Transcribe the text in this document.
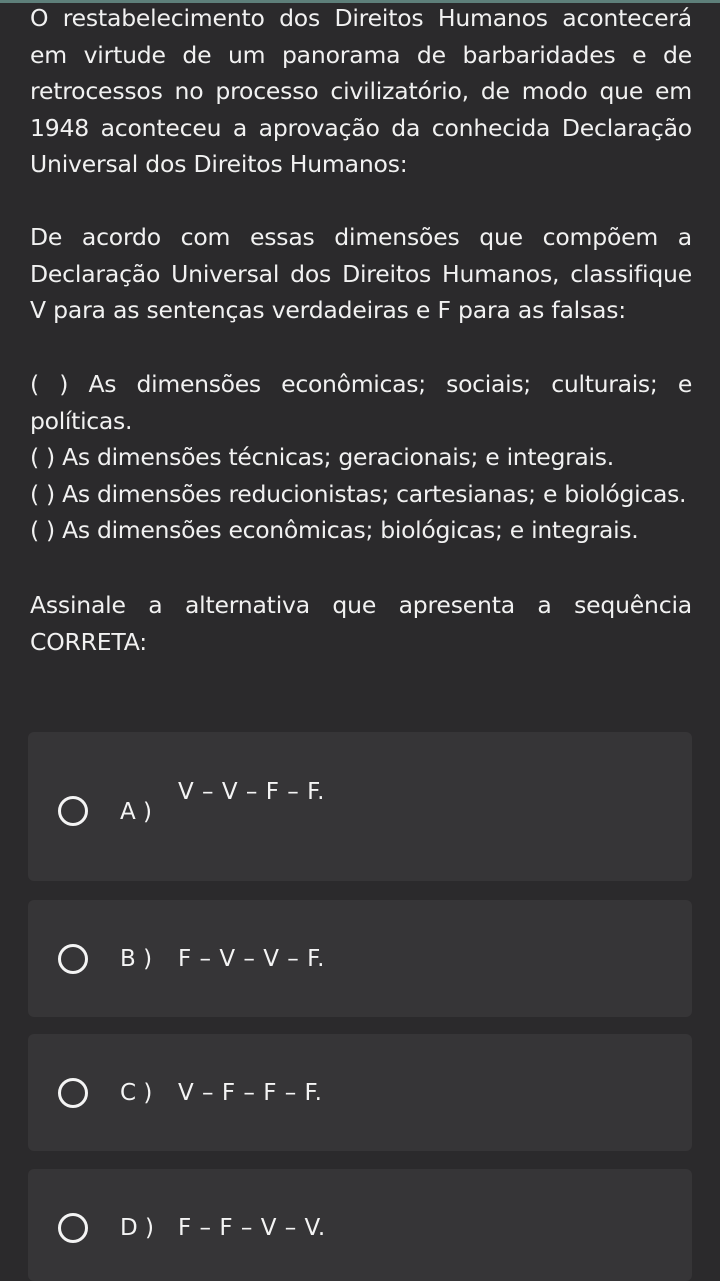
O restabelecimento dos Direitos Humanos acontecerá em virtude de um panorama de barbaridades e de retrocessos no processo civilizatório, de modo que em 1948 aconteceu a aprovação da conhecida Declaração Universal dos Direitos Humanos:

De acordo com essas dimensões que compõem a Declaração Universal dos Direitos Humanos, classifique V para as sentenças verdadeiras e F para as falsas:

( ) As dimensões econômicas; sociais; culturais; e políticas.

( ) As dimensões técnicas; geracionais; e integrais.

( ) As dimensões reducionistas; cartesianas; e biológicas.

( ) As dimensões econômicas; biológicas; e integrais.

Assinale a alternativa que apresenta a sequência CORRETA:

A )
V – V – F – F.
B ) F – V – V – F.
C ) V – F – F – F.
D ) F – F – V – V.
